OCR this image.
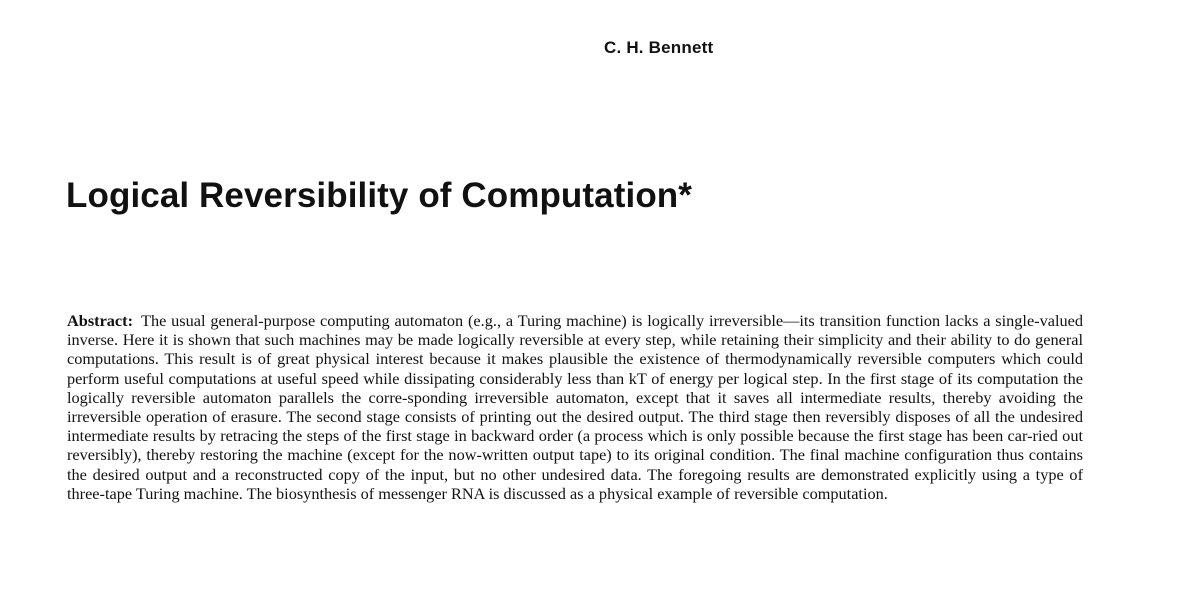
C. H. Bennett
Logical Reversibility of Computation*

Abstract: The usual general-purpose computing automaton (e.g., a Turing machine) is logically irreversible—its transition function lacks a single-valued inverse. Here it is shown that such machines may be made logically reversible at every step, while retaining their simplicity and their ability to do general computations. This result is of great physical interest because it makes plausible the existence of thermodynamically reversible computers which could perform useful computations at useful speed while dissipating considerably less than kT of energy per logical step. In the first stage of its computation the logically reversible automaton parallels the corre-sponding irreversible automaton, except that it saves all intermediate results, thereby avoiding the irreversible operation of erasure. The second stage consists of printing out the desired output. The third stage then reversibly disposes of all the undesired intermediate results by retracing the steps of the first stage in backward order (a process which is only possible because the first stage has been car-ried out reversibly), thereby restoring the machine (except for the now-written output tape) to its original condition. The final machine configuration thus contains the desired output and a reconstructed copy of the input, but no other undesired data. The foregoing results are demonstrated explicitly using a type of three-tape Turing machine. The biosynthesis of messenger RNA is discussed as a physical example of reversible computation.
